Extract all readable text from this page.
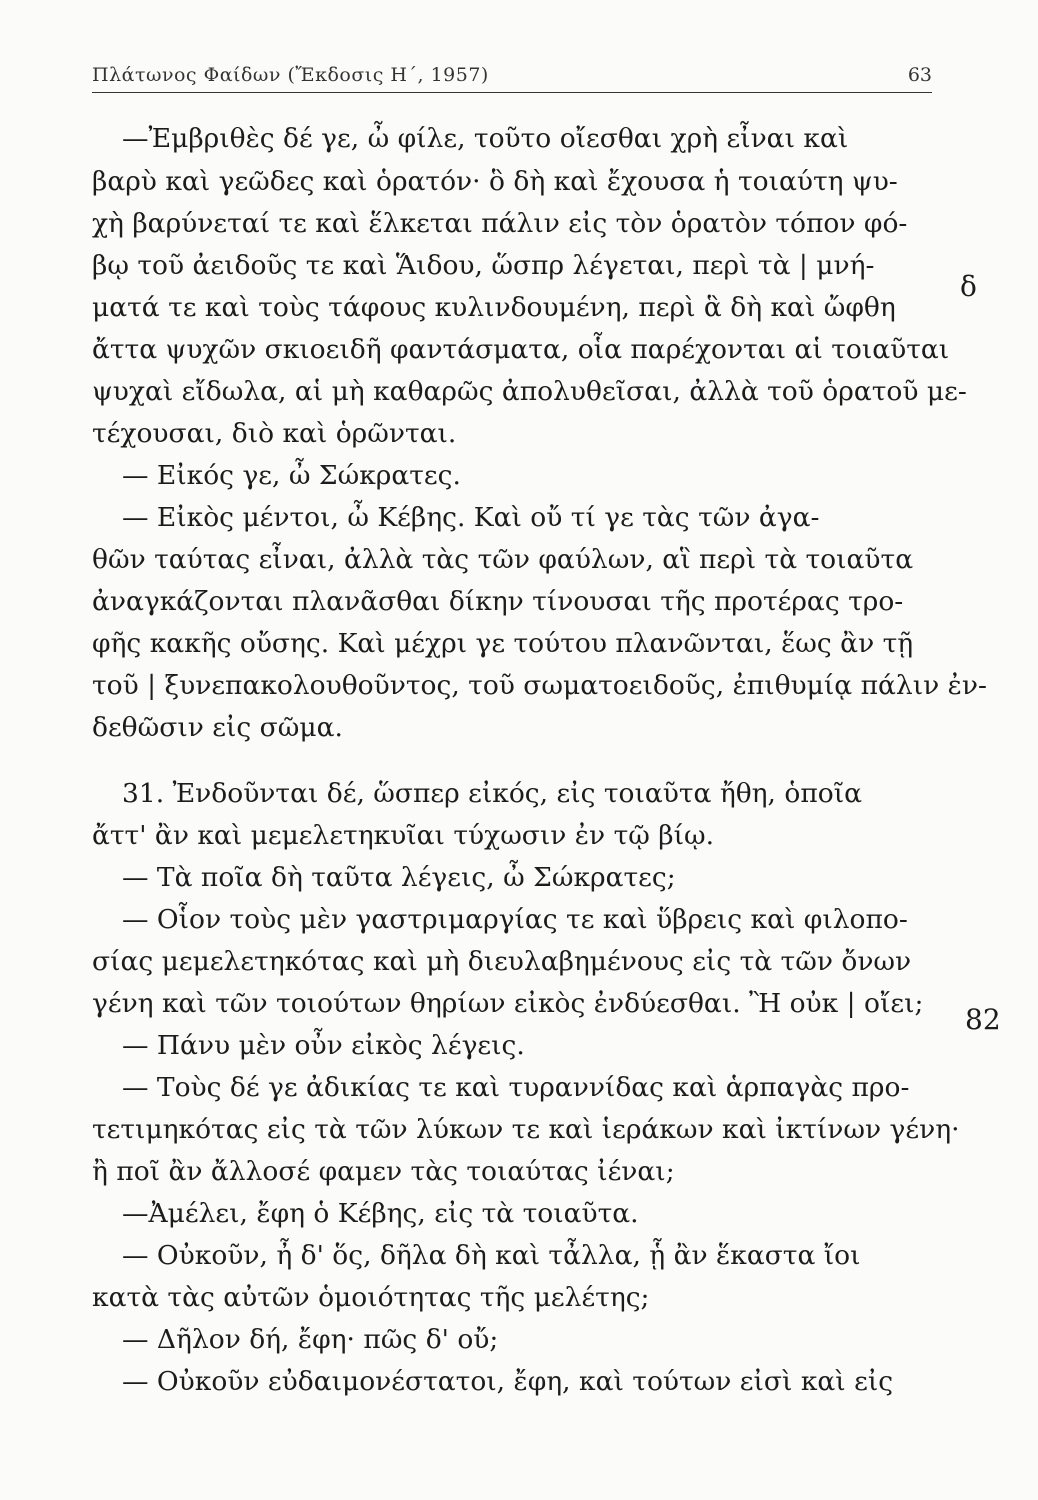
Πλάτωνος Φαίδων (Ἔκδοσις Η΄, 1957)	63
—Ἐμβριθὲς δέ γε, ὦ φίλε, τοῦτο οἴεσθαι χρὴ εἶναι καὶ
βαρὺ καὶ γεῶδες καὶ ὁρατόν· ὃ δὴ καὶ ἔχουσα ἡ τοιαύτη ψυ-
χὴ βαρύνεταί τε καὶ ἕλκεται πάλιν εἰς τὸν ὁρατὸν τόπον φό-
βῳ τοῦ ἀειδοῦς τε καὶ Ἅιδου, ὥσπρ λέγεται, περὶ τὰ | μνή-
ματά τε καὶ τοὺς τάφους κυλινδουμένη, περὶ ἃ δὴ καὶ ὤφθη
ἄττα ψυχῶν σκιοειδῆ φαντάσματα, οἷα παρέχονται αἱ τοιαῦται
ψυχαὶ εἴδωλα, αἱ μὴ καθαρῶς ἀπολυθεῖσαι, ἀλλὰ τοῦ ὁρατοῦ με-
τέχουσαι, διὸ καὶ ὁρῶνται.
— Εἰκός γε, ὦ Σώκρατες.
— Εἰκὸς μέντοι, ὦ Κέβης. Καὶ οὔ τί γε τὰς τῶν ἀγα-
θῶν ταύτας εἶναι, ἀλλὰ τὰς τῶν φαύλων, αἳ περὶ τὰ τοιαῦτα
ἀναγκάζονται πλανᾶσθαι δίκην τίνουσαι τῆς προτέρας τρο-
φῆς κακῆς οὔσης. Καὶ μέχρι γε τούτου πλανῶνται, ἕως ἂν τῇ
τοῦ | ξυνεπακολουθοῦντος, τοῦ σωματοειδοῦς, ἐπιθυμίᾳ πάλιν ἐν-
δεθῶσιν εἰς σῶμα.
31. Ἐνδοῦνται δέ, ὥσπερ εἰκός, εἰς τοιαῦτα ἤθη, ὁποῖα
ἄττ' ἂν καὶ μεμελετηκυῖαι τύχωσιν ἐν τῷ βίῳ.
— Τὰ ποῖα δὴ ταῦτα λέγεις, ὦ Σώκρατες;
— Οἷον τοὺς μὲν γαστριμαργίας τε καὶ ὕβρεις καὶ φιλοπο-
σίας μεμελετηκότας καὶ μὴ διευλαβημένους εἰς τὰ τῶν ὄνων
γένη καὶ τῶν τοιούτων θηρίων εἰκὸς ἐνδύεσθαι. Ἢ οὐκ | οἴει;
— Πάνυ μὲν οὖν εἰκὸς λέγεις.
— Τοὺς δέ γε ἀδικίας τε καὶ τυραννίδας καὶ ἁρπαγὰς προ-
τετιμηκότας εἰς τὰ τῶν λύκων τε καὶ ἱεράκων καὶ ἰκτίνων γένη·
ἢ ποῖ ἂν ἄλλοσέ φαμεν τὰς τοιαύτας ἰέναι;
—Ἀμέλει, ἔφη ὁ Κέβης, εἰς τὰ τοιαῦτα.
— Οὐκοῦν, ἦ δ' ὅς, δῆλα δὴ καὶ τἆλλα, ᾗ ἂν ἕκαστα ἴοι
κατὰ τὰς αὐτῶν ὁμοιότητας τῆς μελέτης;
— Δῆλον δή, ἔφη· πῶς δ' οὔ;
— Οὐκοῦν εὐδαιμονέστατοι, ἔφη, καὶ τούτων εἰσὶ καὶ εἰς
δ
82
